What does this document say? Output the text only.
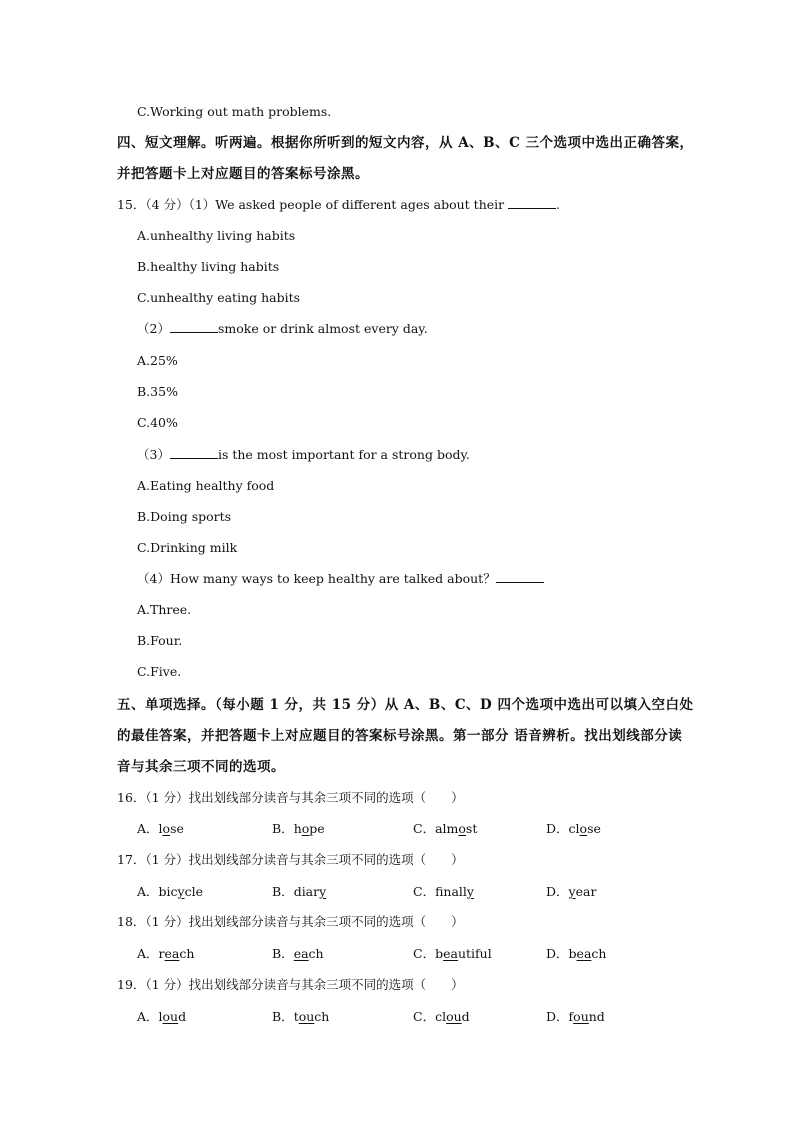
C.Working out math problems.
四、短文理解。听两遍。根据你所听到的短文内容，从 A、B、C 三个选项中选出正确答案，
并把答题卡上对应题目的答案标号涂黑。
15．（4 分）（1）We asked people of different ages about their	.
A.unhealthy living habits
B.healthy living habits
C.unhealthy eating habits
（2）	smoke or drink almost every day.
A.25%
B.35%
C.40%
（3）	is the most important for a strong body.
A.Eating healthy food
B.Doing sports
C.Drinking milk
（4）How many ways to keep healthy are talked about？
A.Three.
B.Four.
C.Five.
五、单项选择。（每小题 1 分，共 15 分）从 A、B、C、D 四个选项中选出可以填入空白处
的最佳答案，并把答题卡上对应题目的答案标号涂黑。第一部分 语音辨析。找出划线部分读
音与其余三项不同的选项。
16．（1 分）找出划线部分读音与其余三项不同的选项（　　）
A．lose	B．hope	C．almost	D．close
17．（1 分）找出划线部分读音与其余三项不同的选项（　　）
A．bicycle	B．diary	C．finally	D．year
18．（1 分）找出划线部分读音与其余三项不同的选项（　　）
A．reach	B．each	C．beautiful	D．beach
19．（1 分）找出划线部分读音与其余三项不同的选项（　　）
A．loud	B．touch	C．cloud	D．found
